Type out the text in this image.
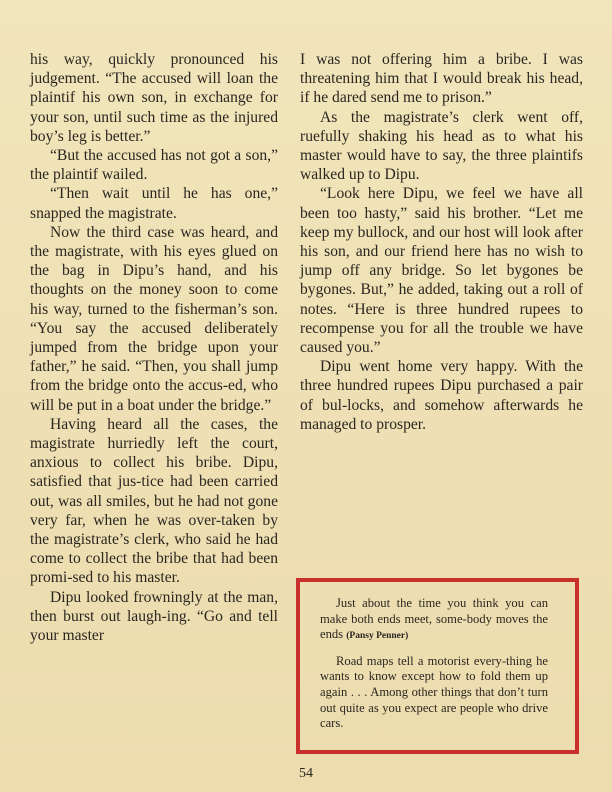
his way, quickly pronounced his judgement. “The accused will loan the plaintif his own son, in exchange for your son, until such time as the injured boy’s leg is better.”

“But the accused has not got a son,” the plaintif wailed.

“Then wait until he has one,” snapped the magistrate.

Now the third case was heard, and the magistrate, with his eyes glued on the bag in Dipu’s hand, and his thoughts on the money soon to come his way, turned to the fisherman’s son. “You say the accused deliberately jumped from the bridge upon your father,” he said. “Then, you shall jump from the bridge onto the accus-ed, who will be put in a boat under the bridge.”

Having heard all the cases, the magistrate hurriedly left the court, anxious to collect his bribe. Dipu, satisfied that jus-tice had been carried out, was all smiles, but he had not gone very far, when he was over-taken by the magistrate’s clerk, who said he had come to collect the bribe that had been promi-sed to his master.

Dipu looked frowningly at the man, then burst out laugh-ing. “Go and tell your master

I was not offering him a bribe. I was threatening him that I would break his head, if he dared send me to prison.”

As the magistrate’s clerk went off, ruefully shaking his head as to what his master would have to say, the three plaintifs walked up to Dipu.

“Look here Dipu, we feel we have all been too hasty,” said his brother. “Let me keep my bullock, and our host will look after his son, and our friend here has no wish to jump off any bridge. So let bygones be bygones. But,” he added, taking out a roll of notes. “Here is three hundred rupees to recompense you for all the trouble we have caused you.”

Dipu went home very happy. With the three hundred rupees Dipu purchased a pair of bul-locks, and somehow afterwards he managed to prosper.

Just about the time you think you can make both ends meet, some-body moves the ends (Pansy Penner)

Road maps tell a motorist every-thing he wants to know except how to fold them up again . . . Among other things that don’t turn out quite as you expect are people who drive cars.

54
